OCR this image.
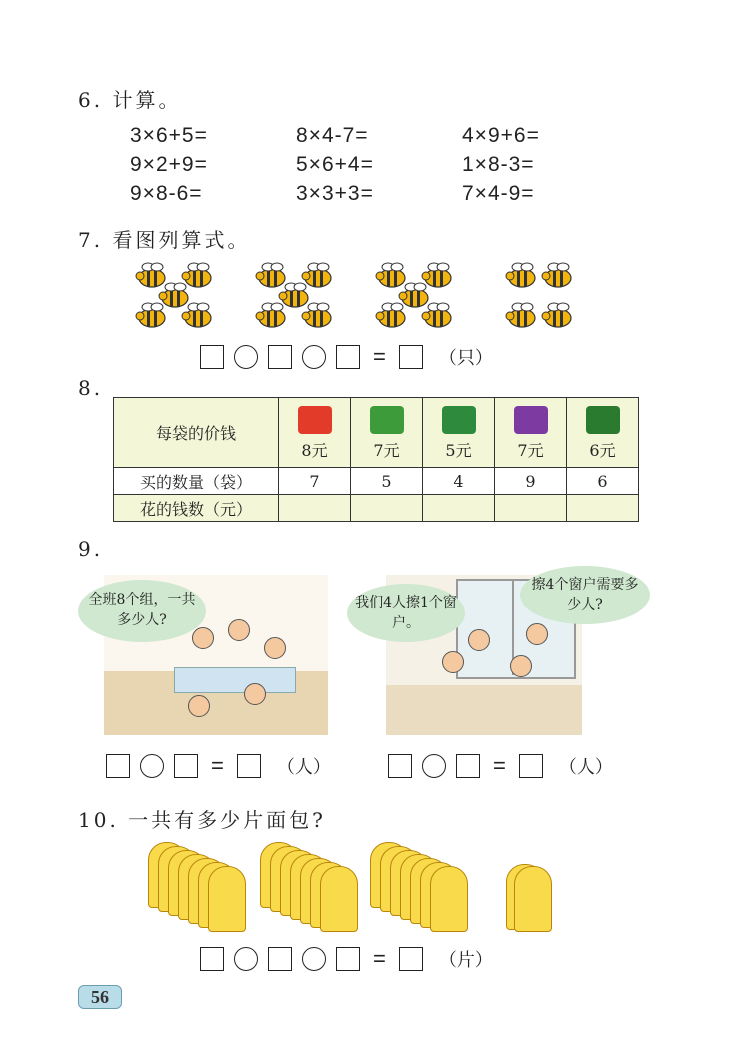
6. 计算。
3×6+5=	8×4-7=	4×9+6=
9×2+9=	5×6+4=	1×8-3=
9×8-6=	3×3+3=	7×4-9=
7. 看图列算式。
=	（只）
8.
每袋的价钱	8元	7元	5元	7元	6元

买的数量（袋）	7	5	4	9	6
花的钱数（元）					
9.
全班8个组，一共多少人?
我们4人擦1个窗户。
擦4个窗户需要多少人?
=	（人）	=	（人）
10. 一共有多少片面包?
=	（片）
56
